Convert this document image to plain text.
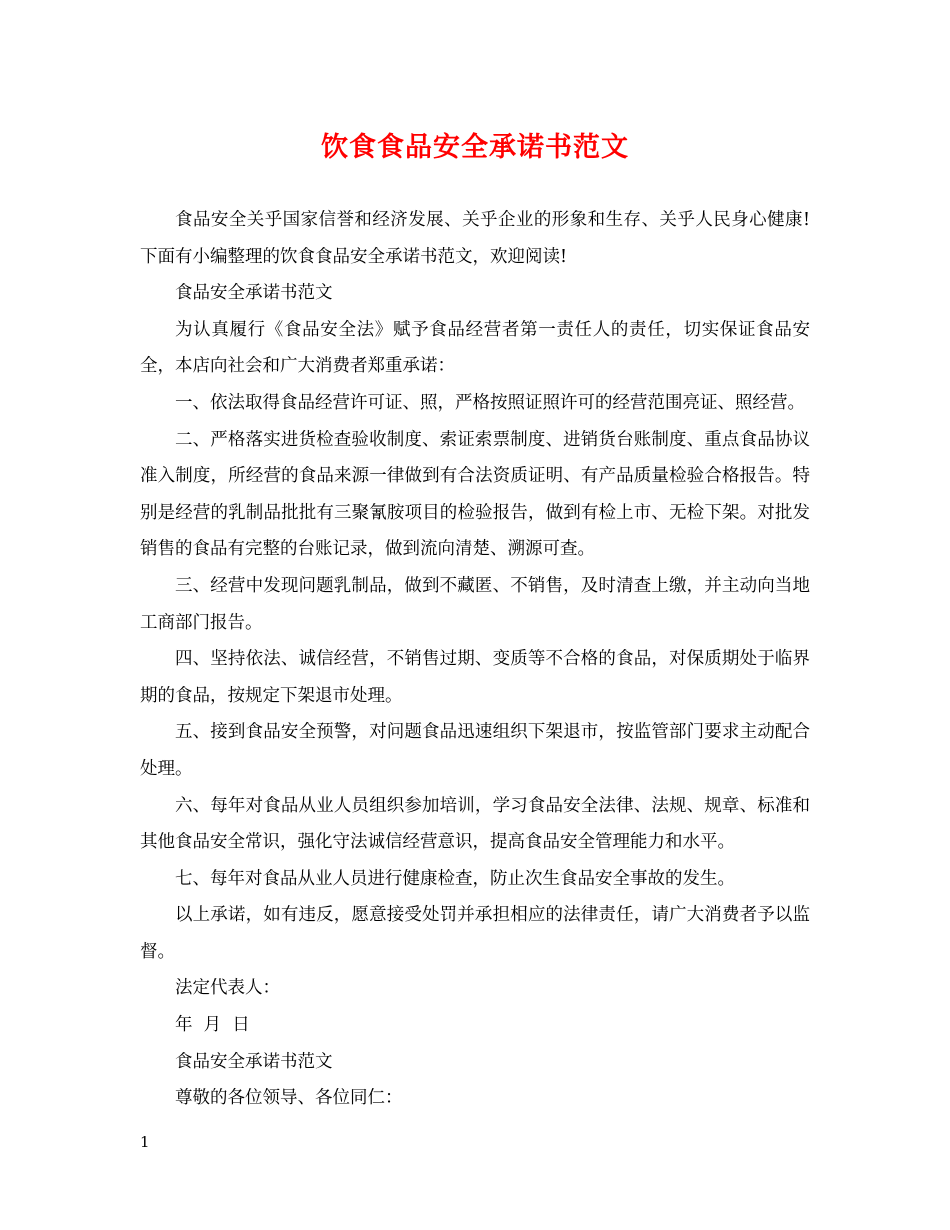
饮食食品安全承诺书范文

食品安全关乎国家信誉和经济发展、关乎企业的形象和生存、关乎人民身心健康!下面有小编整理的饮食食品安全承诺书范文，欢迎阅读!

食品安全承诺书范文

为认真履行《食品安全法》赋予食品经营者第一责任人的责任，切实保证食品安全，本店向社会和广大消费者郑重承诺：

一、依法取得食品经营许可证、照，严格按照证照许可的经营范围亮证、照经营。

二、严格落实进货检查验收制度、索证索票制度、进销货台账制度、重点食品协议准入制度，所经营的食品来源一律做到有合法资质证明、有产品质量检验合格报告。特别是经营的乳制品批批有三聚氰胺项目的检验报告，做到有检上市、无检下架。对批发销售的食品有完整的台账记录，做到流向清楚、溯源可查。

三、经营中发现问题乳制品，做到不藏匿、不销售，及时清查上缴，并主动向当地工商部门报告。

四、坚持依法、诚信经营，不销售过期、变质等不合格的食品，对保质期处于临界期的食品，按规定下架退市处理。

五、接到食品安全预警，对问题食品迅速组织下架退市，按监管部门要求主动配合处理。

六、每年对食品从业人员组织参加培训，学习食品安全法律、法规、规章、标准和其他食品安全常识，强化守法诚信经营意识，提高食品安全管理能力和水平。

七、每年对食品从业人员进行健康检查，防止次生食品安全事故的发生。

以上承诺，如有违反，愿意接受处罚并承担相应的法律责任，请广大消费者予以监督。

法定代表人：

年  月  日

食品安全承诺书范文

尊敬的各位领导、各位同仁：

1
